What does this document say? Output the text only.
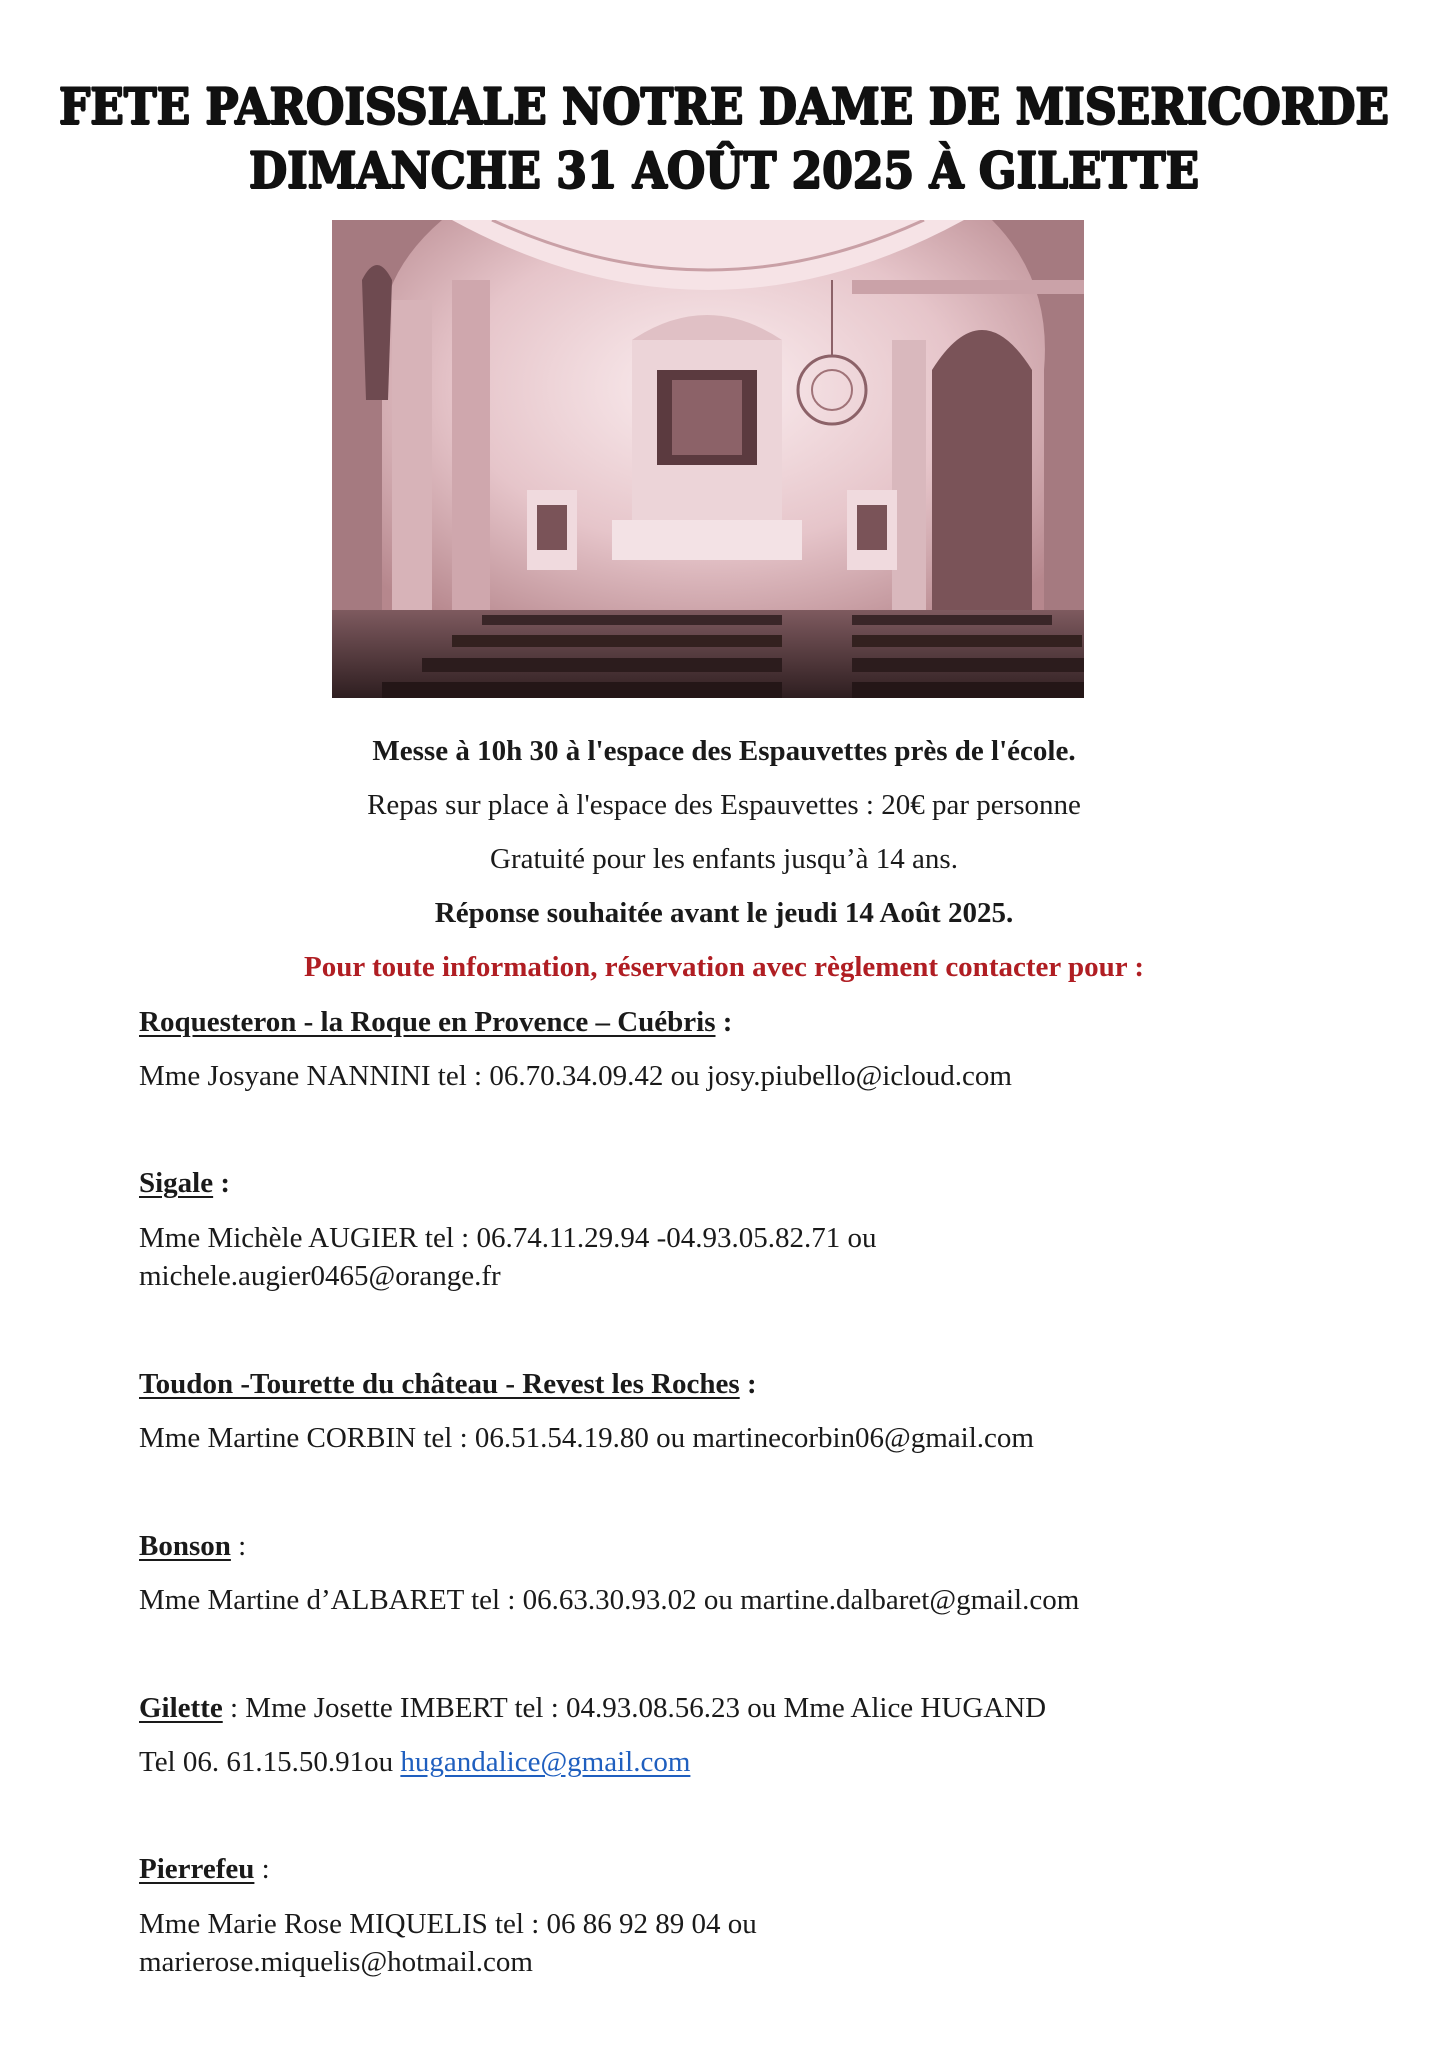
FETE PAROISSIALE NOTRE DAME DE MISERICORDE
DIMANCHE 31 AOÛT 2025 À GILETTE
Messe à 10h 30 à l'espace des Espauvettes près de l'école.
Repas sur place à l'espace des Espauvettes : 20€ par personne
Gratuité pour les enfants jusqu’à 14 ans.
Réponse souhaitée avant le jeudi 14 Août 2025.
Pour toute information, réservation avec règlement contacter pour :
Roquesteron - la Roque en Provence – Cuébris :
Mme Josyane NANNINI tel : 06.70.34.09.42 ou josy.piubello@icloud.com
Sigale :
Mme Michèle AUGIER tel : 06.74.11.29.94 -04.93.05.82.71 ou
michele.augier0465@orange.fr
Toudon -Tourette du château - Revest les Roches :
Mme Martine CORBIN tel : 06.51.54.19.80 ou martinecorbin06@gmail.com
Bonson :
Mme Martine d’ALBARET tel : 06.63.30.93.02 ou martine.dalbaret@gmail.com
Gilette : Mme Josette IMBERT tel : 04.93.08.56.23 ou Mme Alice HUGAND
Tel 06. 61.15.50.91ou hugandalice@gmail.com
Pierrefeu :
Mme Marie Rose MIQUELIS tel : 06 86 92 89 04 ou
marierose.miquelis@hotmail.com
